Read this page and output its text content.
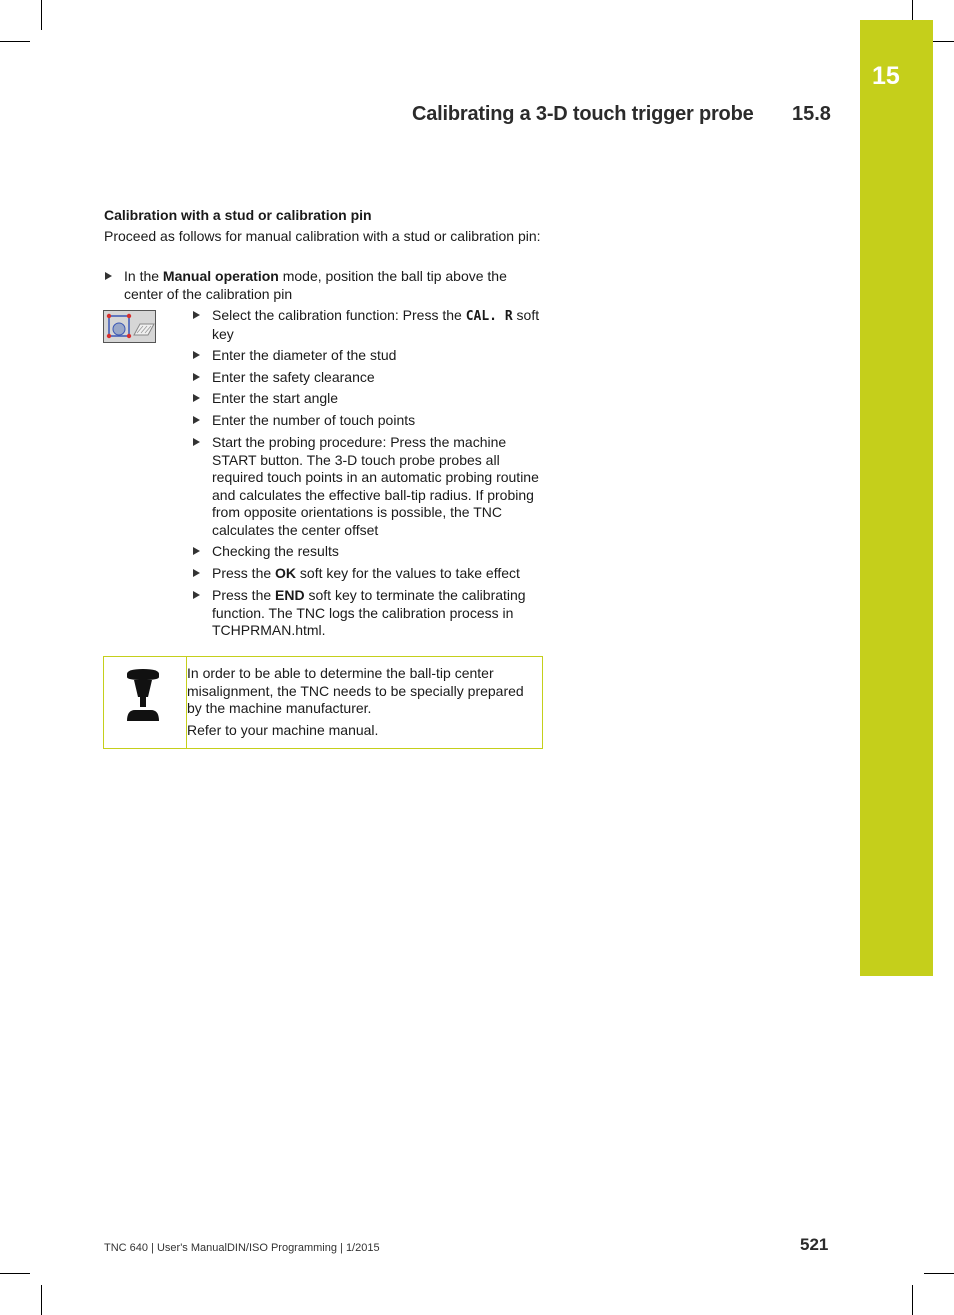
15
Calibrating a 3-D touch trigger probe 15.8
Calibration with a stud or calibration pin
Proceed as follows for manual calibration with a stud or calibration pin:
In the Manual operation mode, position the ball tip above the center of the calibration pin
Select the calibration function: Press the CAL. R soft key
Enter the diameter of the stud
Enter the safety clearance
Enter the start angle
Enter the number of touch points
Start the probing procedure: Press the machine START button. The 3-D touch probe probes all required touch points in an automatic probing routine and calculates the effective ball-tip radius. If probing from opposite orientations is possible, the TNC calculates the center offset
Checking the results
Press the OK soft key for the values to take effect
Press the END soft key to terminate the calibrating function. The TNC logs the calibration process in TCHPRMAN.html.

In order to be able to determine the ball-tip center misalignment, the TNC needs to be specially prepared by the machine manufacturer.

Refer to your machine manual.

TNC 640 | User's ManualDIN/ISO Programming | 1/2015	521
